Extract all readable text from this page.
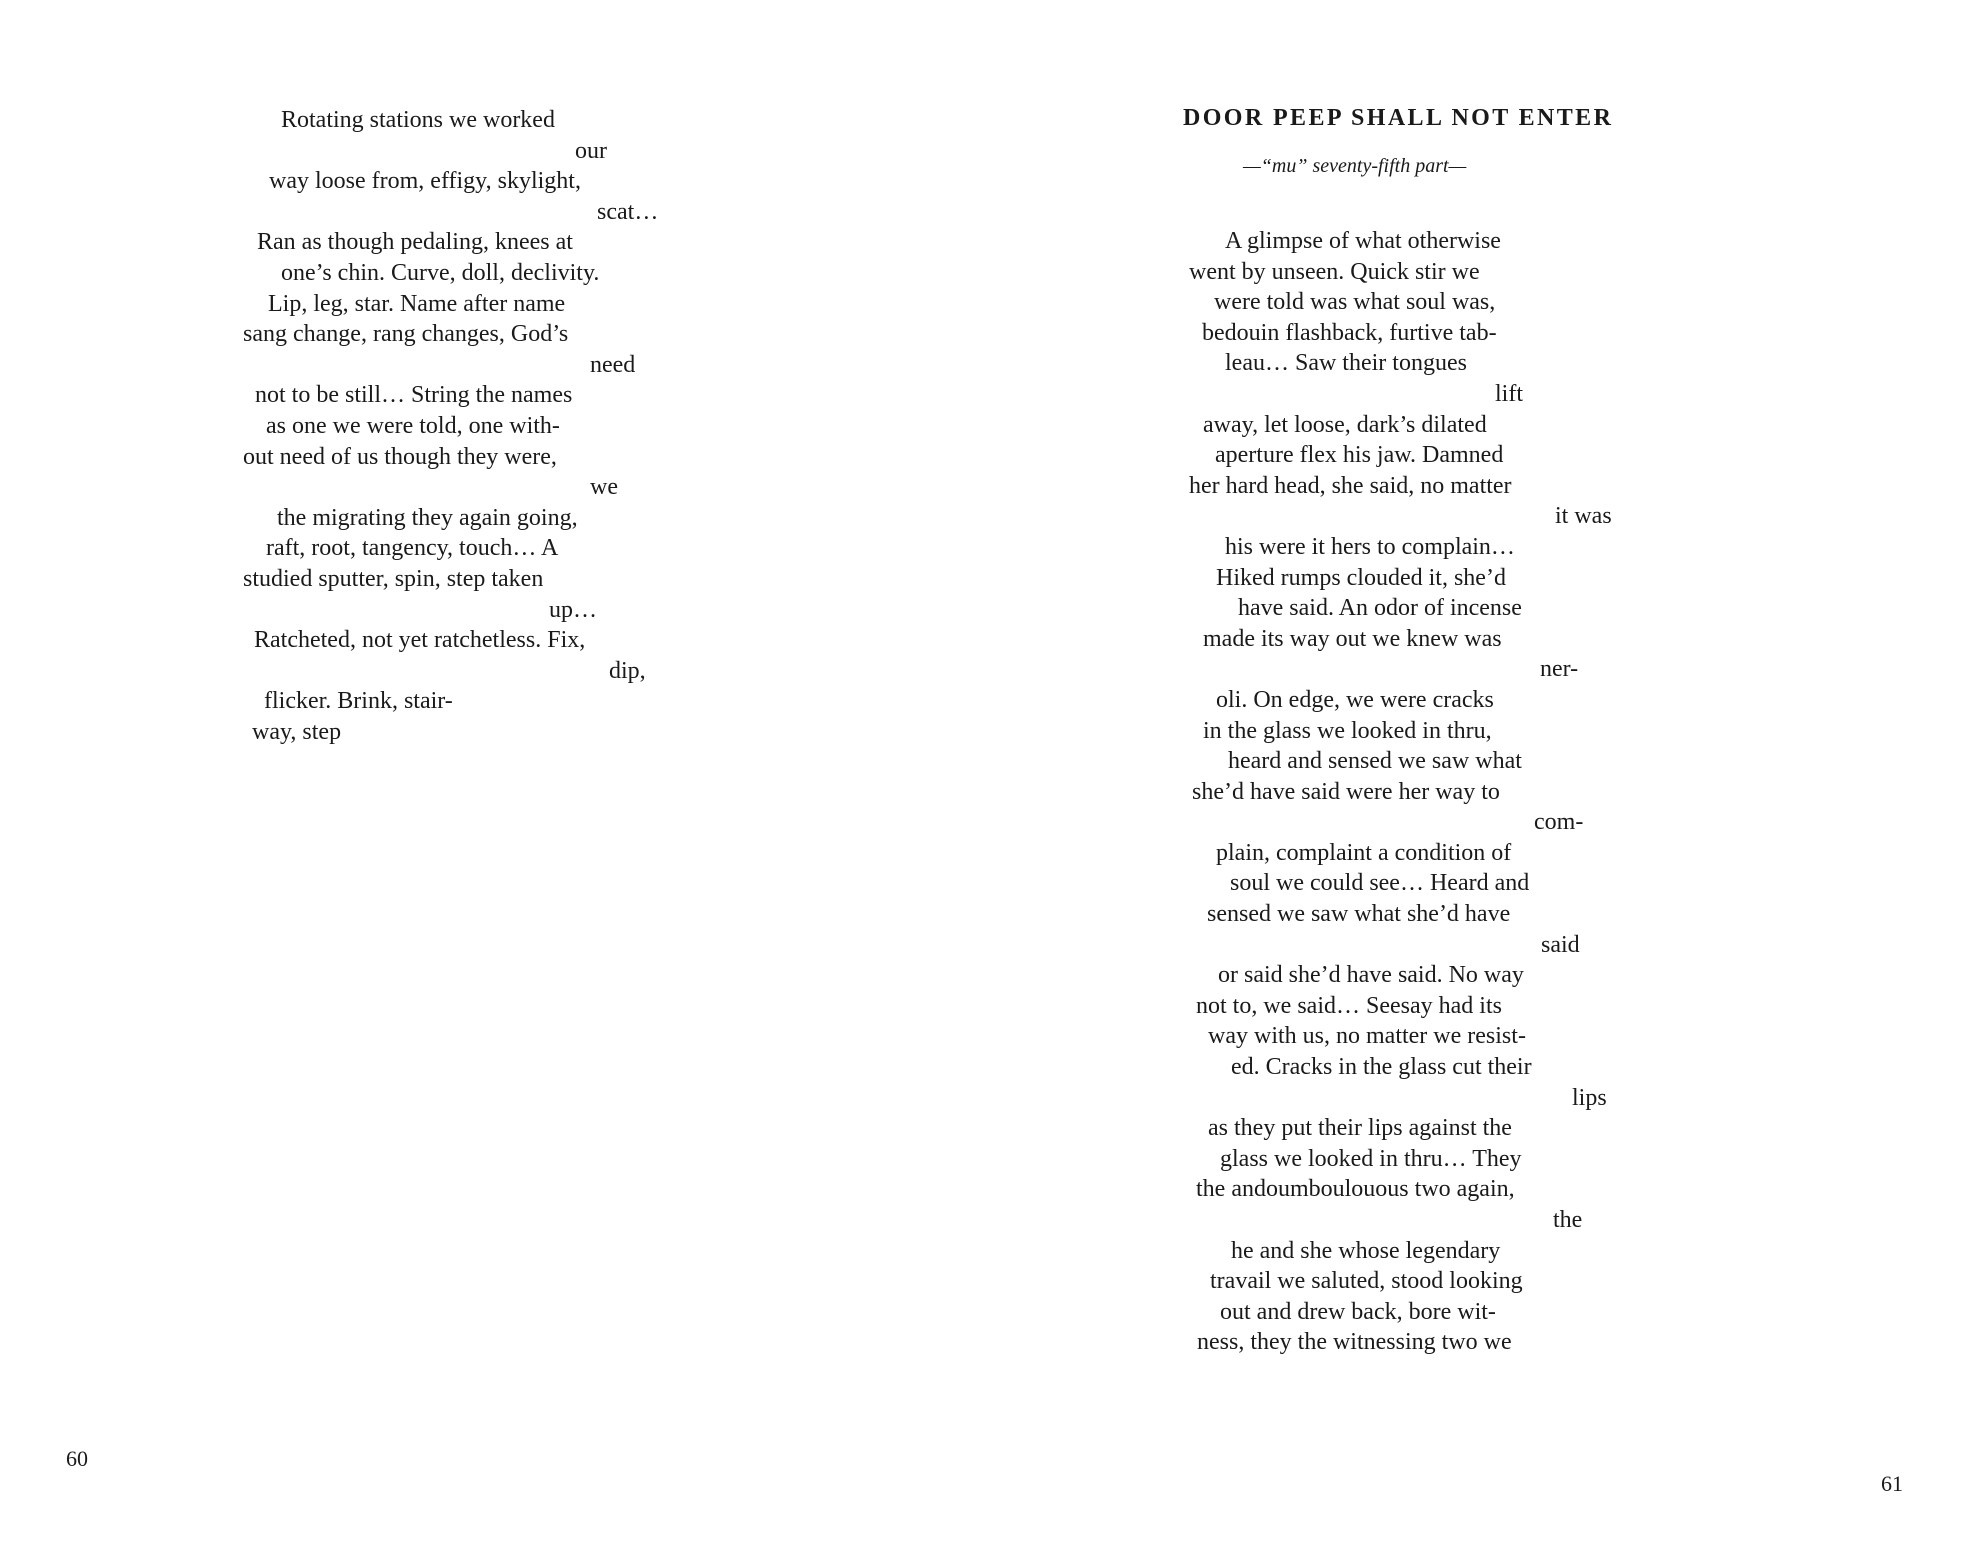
Rotating stations we worked
our
way loose from, effigy, skylight,
scat…
Ran as though pedaling, knees at
one’s chin. Curve, doll, declivity.
Lip, leg, star. Name after name
sang change, rang changes, God’s
need
not to be still… String the names
as one we were told, one with-
out need of us though they were,
we
the migrating they again going,
raft, root, tangency, touch… A
studied sputter, spin, step taken
up…
Ratcheted, not yet ratchetless. Fix,
dip,
flicker. Brink, stair-
way, step
60
DOOR PEEP SHALL NOT ENTER
—“mu” seventy-fifth part—
A glimpse of what otherwise
went by unseen. Quick stir we
were told was what soul was,
bedouin flashback, furtive tab-
leau… Saw their tongues
lift
away, let loose, dark’s dilated
aperture flex his jaw. Damned
her hard head, she said, no matter
it was
his were it hers to complain…
Hiked rumps clouded it, she’d
have said. An odor of incense
made its way out we knew was
ner-
oli. On edge, we were cracks
in the glass we looked in thru,
heard and sensed we saw what
she’d have said were her way to
com-
plain, complaint a condition of
soul we could see… Heard and
sensed we saw what she’d have
said
or said she’d have said. No way
not to, we said… Seesay had its
way with us, no matter we resist-
ed. Cracks in the glass cut their
lips
as they put their lips against the
glass we looked in thru… They
the andoumboulouous two again,
the
he and she whose legendary
travail we saluted, stood looking
out and drew back, bore wit-
ness, they the witnessing two we
61
